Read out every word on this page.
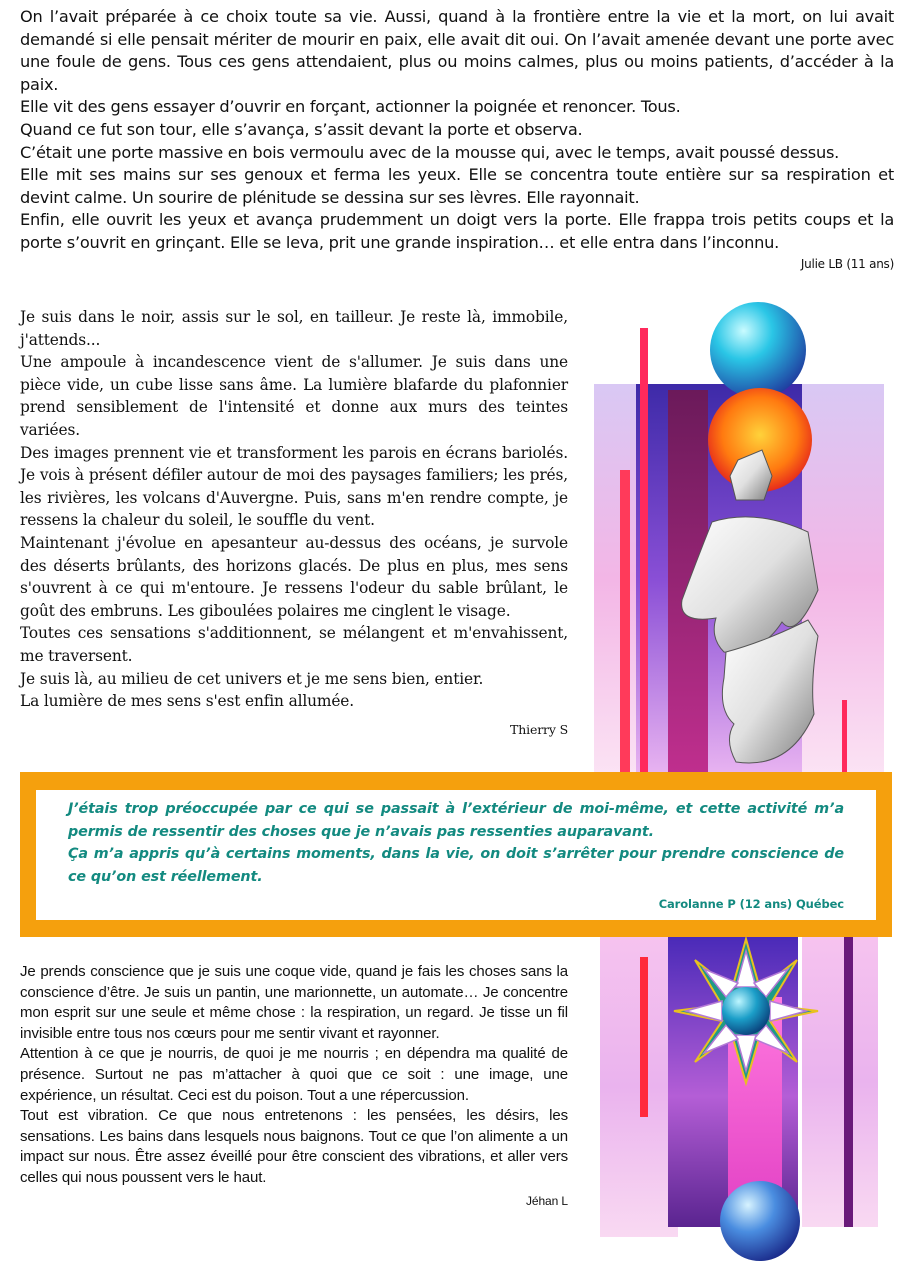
On l’avait préparée à ce choix toute sa vie. Aussi, quand à la frontière entre la vie et la mort, on lui avait demandé si elle pensait mériter de mourir en paix, elle avait dit oui. On l’avait amenée devant une porte avec une foule de gens. Tous ces gens attendaient, plus ou moins calmes, plus ou moins patients, d’accéder à la paix.

Elle vit des gens essayer d’ouvrir en forçant, actionner la poignée et renoncer. Tous.

Quand ce fut son tour, elle s’avança, s’assit devant la porte et observa.

C’était une porte massive en bois vermoulu avec de la mousse qui, avec le temps, avait poussé dessus.

Elle mit ses mains sur ses genoux et ferma les yeux. Elle se concentra toute entière sur sa respiration et devint calme. Un sourire de plénitude se dessina sur ses lèvres. Elle rayonnait.

Enfin, elle ouvrit les yeux et avança prudemment un doigt vers la porte. Elle frappa trois petits coups et la porte s’ouvrit en grinçant. Elle se leva, prit une grande inspiration… et elle entra dans l’inconnu.

Julie LB (11 ans)

Je suis dans le noir, assis sur le sol, en tailleur. Je reste là, immobile, j'attends...

Une ampoule à incandescence vient de s'allumer. Je suis dans une pièce vide, un cube lisse sans âme. La lumière blafarde du plafonnier prend sensiblement de l'intensité et donne aux murs des teintes variées.

Des images prennent vie et transforment les parois en écrans bariolés. Je vois à présent défiler autour de moi des paysages familiers; les prés, les rivières, les volcans d'Auvergne. Puis, sans m'en rendre compte, je ressens la chaleur du soleil, le souffle du vent.

Maintenant j'évolue en apesanteur au-dessus des océans, je survole des déserts brûlants, des horizons glacés. De plus en plus, mes sens s'ouvrent à ce qui m'entoure. Je ressens l'odeur du sable brûlant, le goût des embruns. Les giboulées polaires me cinglent le visage.

Toutes ces sensations s'additionnent, se mélangent et m'envahissent, me traversent.

Je suis là, au milieu de cet univers et je me sens bien, entier.

La lumière de mes sens s'est enfin allumée.

Thierry S

J’étais trop préoccupée par ce qui se passait à l’extérieur de moi-même, et cette activité m’a permis de ressentir des choses que je n’avais pas ressenties auparavant.

Ça m’a appris qu’à certains moments, dans la vie, on doit s’arrêter pour prendre conscience de ce qu’on est réellement.

Carolanne P (12 ans) Québec

Je prends conscience que je suis une coque vide, quand je fais les choses sans la conscience d’être. Je suis un pantin, une marionnette, un automate… Je concentre mon esprit sur une seule et même chose : la respiration, un regard. Je tisse un fil invisible entre tous nos cœurs pour me sentir vivant et rayonner.

Attention à ce que je nourris, de quoi je me nourris ; en dépendra ma qualité de présence. Surtout ne pas m’attacher à quoi que ce soit : une image, une expérience, un résultat. Ceci est du poison. Tout a une répercussion.

Tout est vibration. Ce que nous entretenons : les pensées, les désirs, les sensations. Les bains dans lesquels nous baignons. Tout ce que l’on alimente a un impact sur nous. Être assez éveillé pour être conscient des vibrations, et aller vers celles qui nous poussent vers le haut.

Jéhan L
